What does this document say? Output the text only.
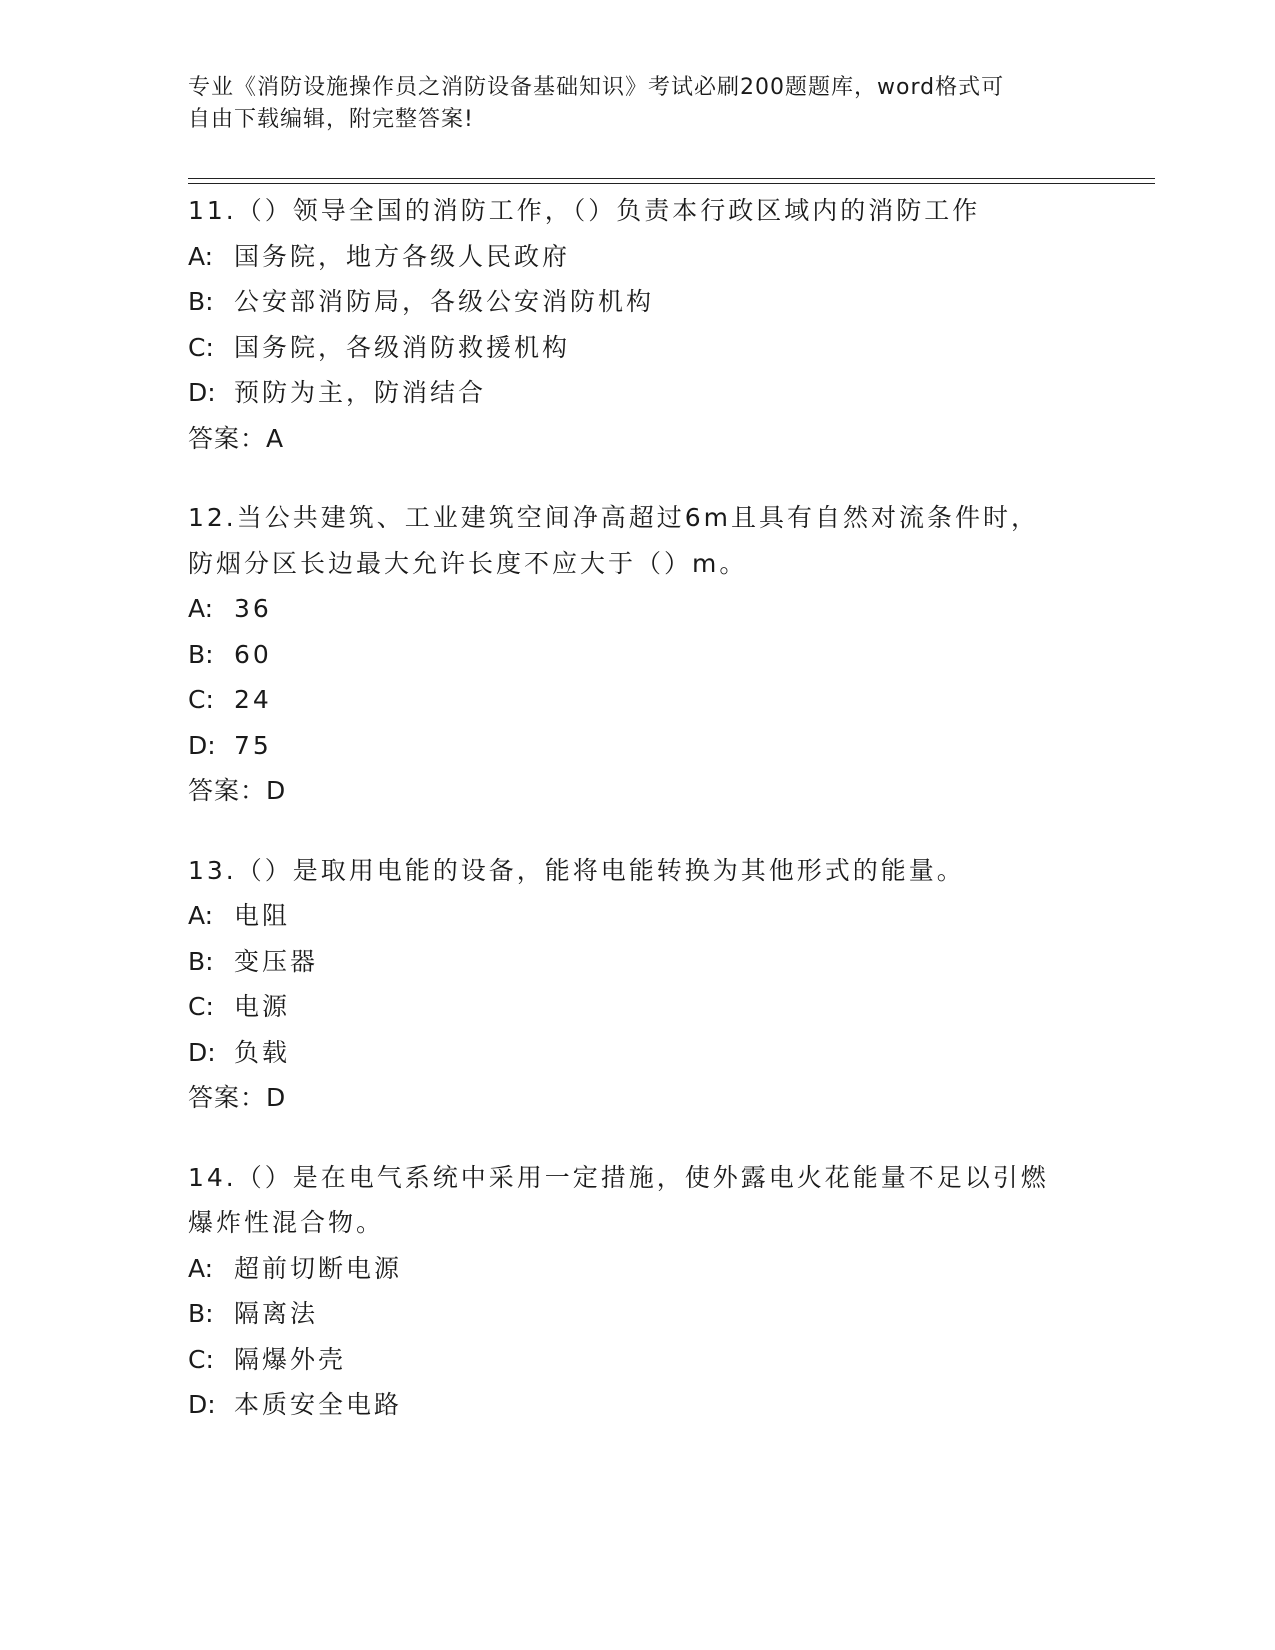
专业《消防设施操作员之消防设备基础知识》考试必刷200题题库，word格式可
自由下载编辑，附完整答案!

11.（）领导全国的消防工作，（）负责本行政区域内的消防工作

A: 国务院，地方各级人民政府

B: 公安部消防局，各级公安消防机构

C: 国务院，各级消防救援机构

D: 预防为主，防消结合

答案：A

12.当公共建筑、工业建筑空间净高超过6m且具有自然对流条件时，

防烟分区长边最大允许长度不应大于（）m。

A: 36

B: 60

C: 24

D: 75

答案：D

13.（）是取用电能的设备，能将电能转换为其他形式的能量。

A: 电阻

B: 变压器

C: 电源

D: 负载

答案：D

14.（）是在电气系统中采用一定措施，使外露电火花能量不足以引燃

爆炸性混合物。

A: 超前切断电源

B: 隔离法

C: 隔爆外壳

D: 本质安全电路
